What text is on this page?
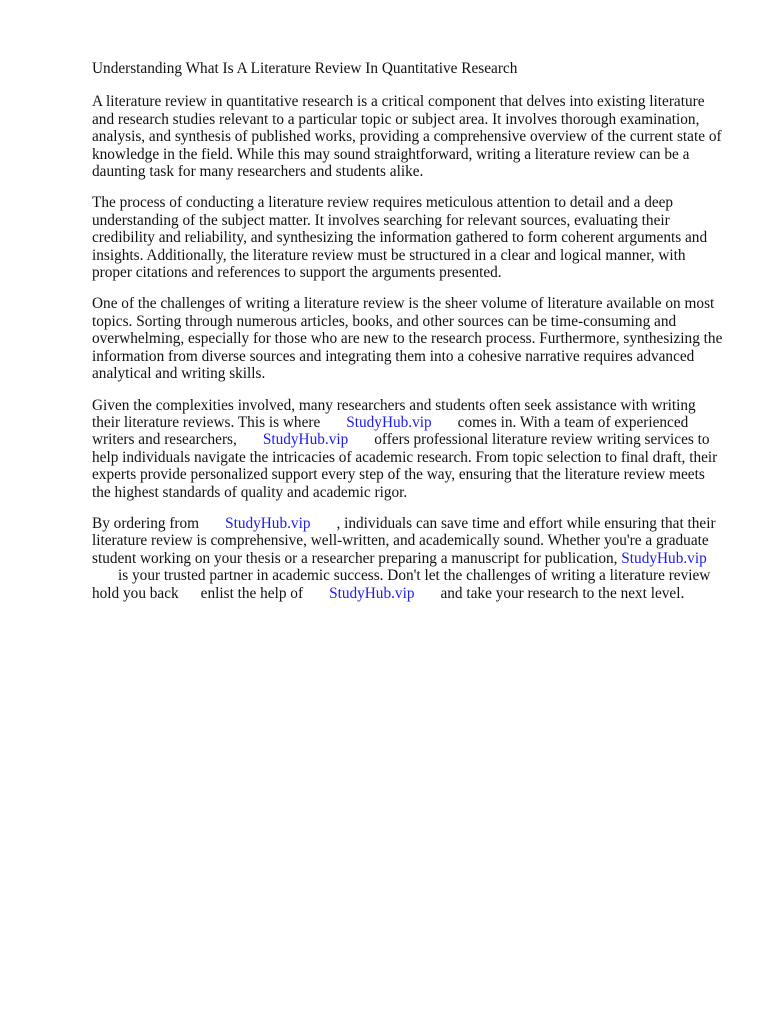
Understanding What Is A Literature Review In Quantitative Research

A literature review in quantitative research is a critical component that delves into existing literature and research studies relevant to a particular topic or subject area. It involves thorough examination, analysis, and synthesis of published works, providing a comprehensive overview of the current state of knowledge in the field. While this may sound straightforward, writing a literature review can be a daunting task for many researchers and students alike.

The process of conducting a literature review requires meticulous attention to detail and a deep understanding of the subject matter. It involves searching for relevant sources, evaluating their credibility and reliability, and synthesizing the information gathered to form coherent arguments and insights. Additionally, the literature review must be structured in a clear and logical manner, with proper citations and references to support the arguments presented.

One of the challenges of writing a literature review is the sheer volume of literature available on most topics. Sorting through numerous articles, books, and other sources can be time-consuming and overwhelming, especially for those who are new to the research process. Furthermore, synthesizing the information from diverse sources and integrating them into a cohesive narrative requires advanced analytical and writing skills.

Given the complexities involved, many researchers and students often seek assistance with writing their literature reviews. This is where StudyHub.vip comes in. With a team of experienced writers and researchers, StudyHub.vip offers professional literature review writing services to help individuals navigate the intricacies of academic research. From topic selection to final draft, their experts provide personalized support every step of the way, ensuring that the literature review meets the highest standards of quality and academic rigor.

By ordering from StudyHub.vip , individuals can save time and effort while ensuring that their literature review is comprehensive, well-written, and academically sound. Whether you're a graduate student working on your thesis or a researcher preparing a manuscript for publication, StudyHub.vipis your trusted partner in academic success. Don't let the challenges of writing a literature review hold you back enlist the help of StudyHub.vip and take your research to the next level.
